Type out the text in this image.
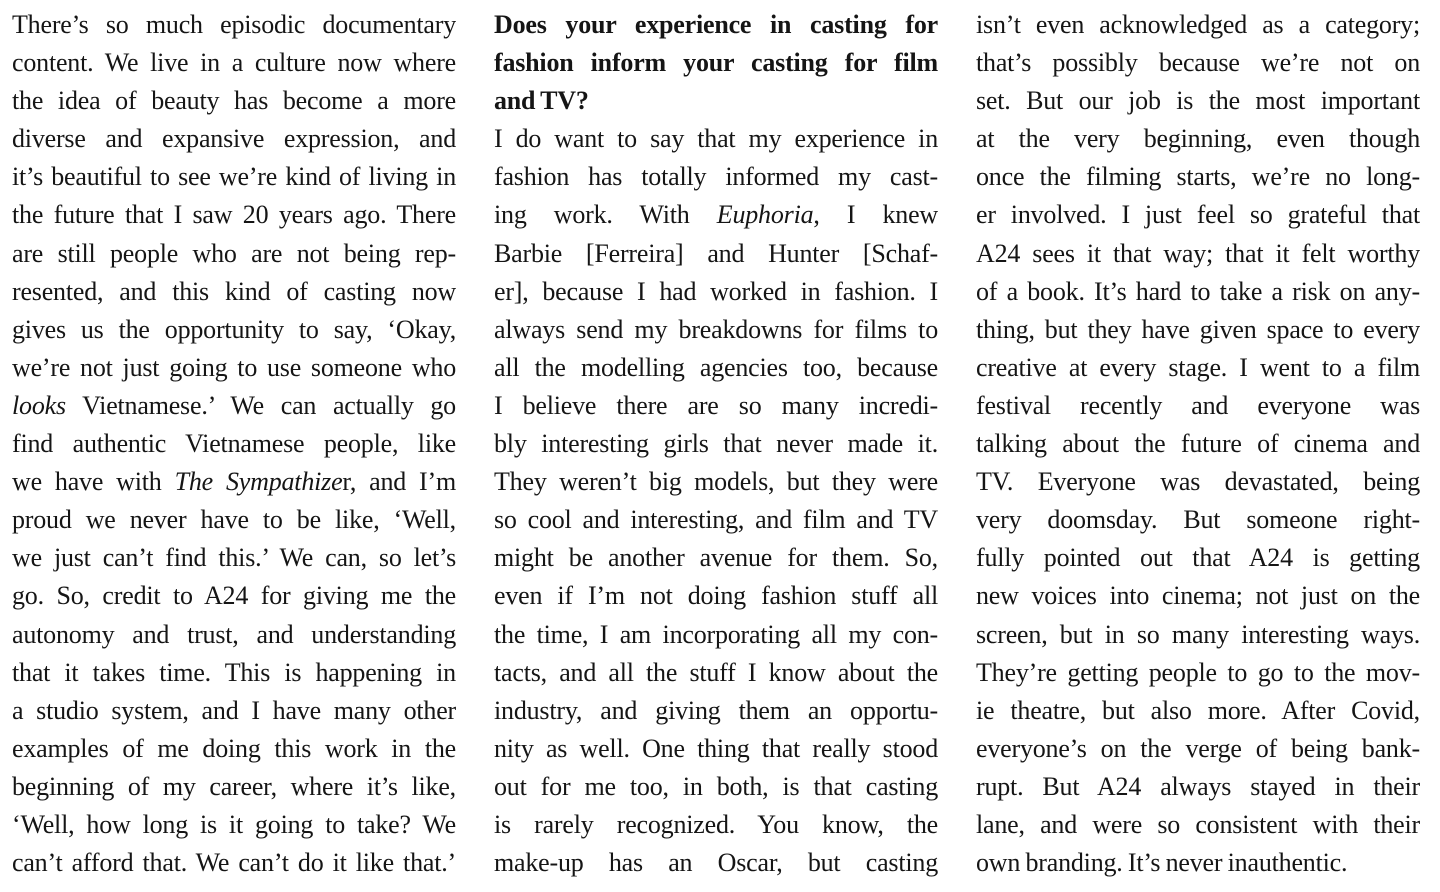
There’s so much episodic documentary
content. We live in a culture now where
the idea of beauty has become a more
diverse and expansive expression, and
it’s beautiful to see we’re kind of living in
the future that I saw 20 years ago. There
are still people who are not being rep-
resented, and this kind of casting now
gives us the opportunity to say, ‘Okay,
we’re not just going to use someone who
looks Vietnamese.’ We can actually go
find authentic Vietnamese people, like
we have with The Sympathizer, and I’m
proud we never have to be like, ‘Well,
we just can’t find this.’ We can, so let’s
go. So, credit to A24 for giving me the
autonomy and trust, and understanding
that it takes time. This is happening in
a studio system, and I have many other
examples of me doing this work in the
beginning of my career, where it’s like,
‘Well, how long is it going to take? We
can’t afford that. We can’t do it like that.’
Does your experience in casting for
fashion inform your casting for film
and TV?
I do want to say that my experience in
fashion has totally informed my cast-
ing work. With Euphoria, I knew
Barbie [Ferreira] and Hunter [Schaf-
er], because I had worked in fashion. I
always send my breakdowns for films to
all the modelling agencies too, because
I believe there are so many incredi-
bly interesting girls that never made it.
They weren’t big models, but they were
so cool and interesting, and film and TV
might be another avenue for them. So,
even if I’m not doing fashion stuff all
the time, I am incorporating all my con-
tacts, and all the stuff I know about the
industry, and giving them an opportu-
nity as well. One thing that really stood
out for me too, in both, is that casting
is rarely recognized. You know, the
make-up has an Oscar, but casting
isn’t even acknowledged as a category;
that’s possibly because we’re not on
set. But our job is the most important
at the very beginning, even though
once the filming starts, we’re no long-
er involved. I just feel so grateful that
A24 sees it that way; that it felt worthy
of a book. It’s hard to take a risk on any-
thing, but they have given space to every
creative at every stage. I went to a film
festival recently and everyone was
talking about the future of cinema and
TV. Everyone was devastated, being
very doomsday. But someone right-
fully pointed out that A24 is getting
new voices into cinema; not just on the
screen, but in so many interesting ways.
They’re getting people to go to the mov-
ie theatre, but also more. After Covid,
everyone’s on the verge of being bank-
rupt. But A24 always stayed in their
lane, and were so consistent with their
own branding. It’s never inauthentic.
